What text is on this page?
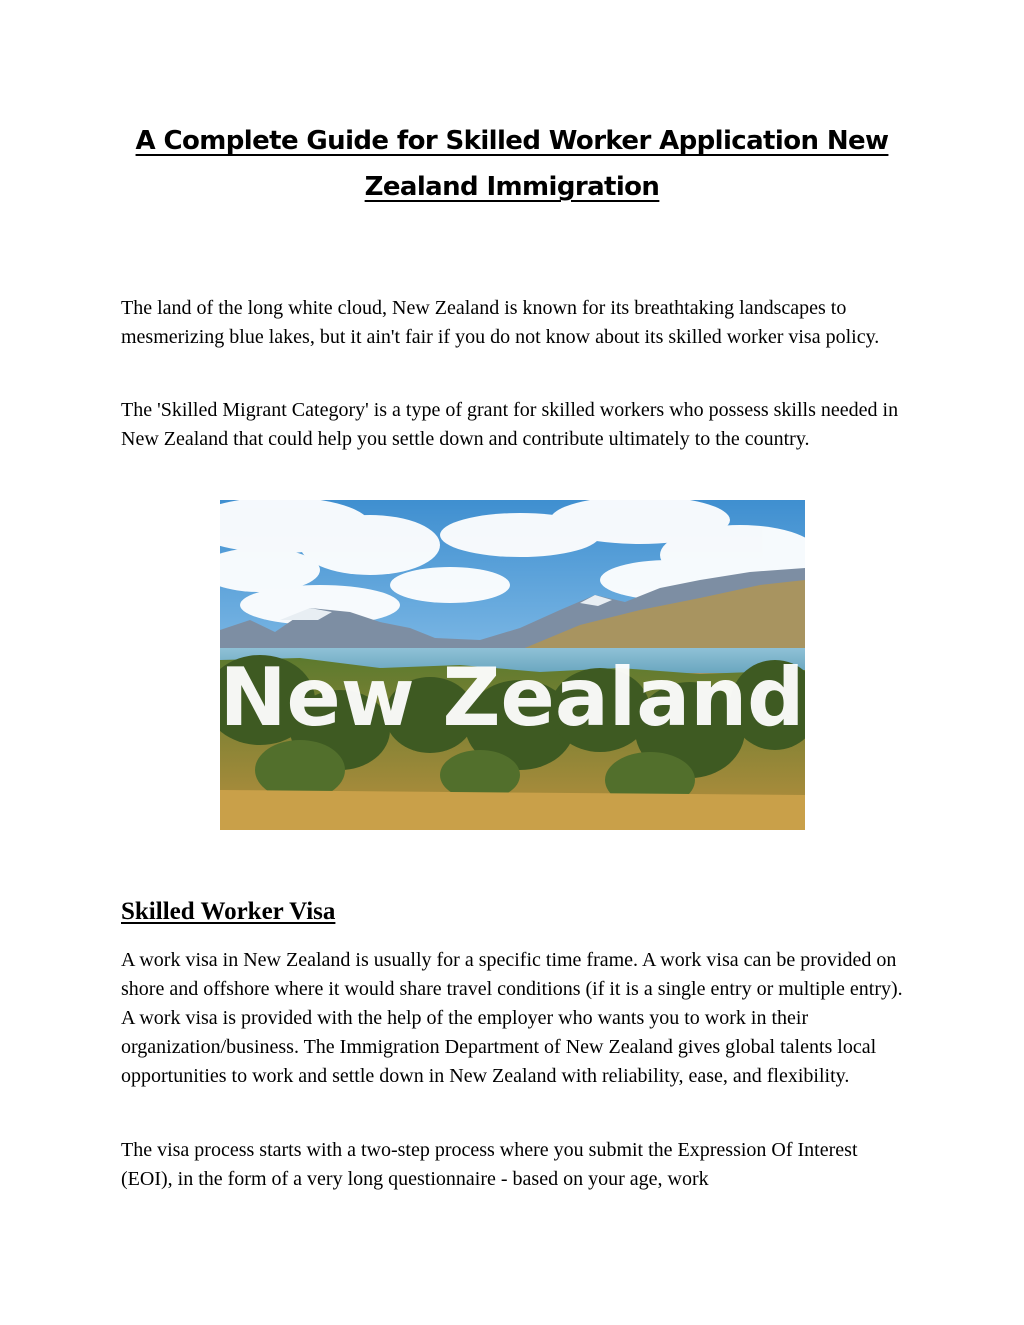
A Complete Guide for Skilled Worker Application New Zealand Immigration

The land of the long white cloud, New Zealand is known for its breathtaking landscapes to mesmerizing blue lakes, but it ain't fair if you do not know about its skilled worker visa policy.

The 'Skilled Migrant Category' is a type of grant for skilled workers who possess skills needed in New Zealand that could help you settle down and contribute ultimately to the country.

New Zealand
Skilled Worker Visa

A work visa in New Zealand is usually for a specific time frame. A work visa can be provided on shore and offshore where it would share travel conditions (if it is a single entry or multiple entry). A work visa is provided with the help of the employer who wants you to work in their organization/business. The Immigration Department of New Zealand gives global talents local opportunities to work and settle down in New Zealand with reliability, ease, and flexibility.

The visa process starts with a two-step process where you submit the Expression Of Interest (EOI), in the form of a very long questionnaire - based on your age, work
